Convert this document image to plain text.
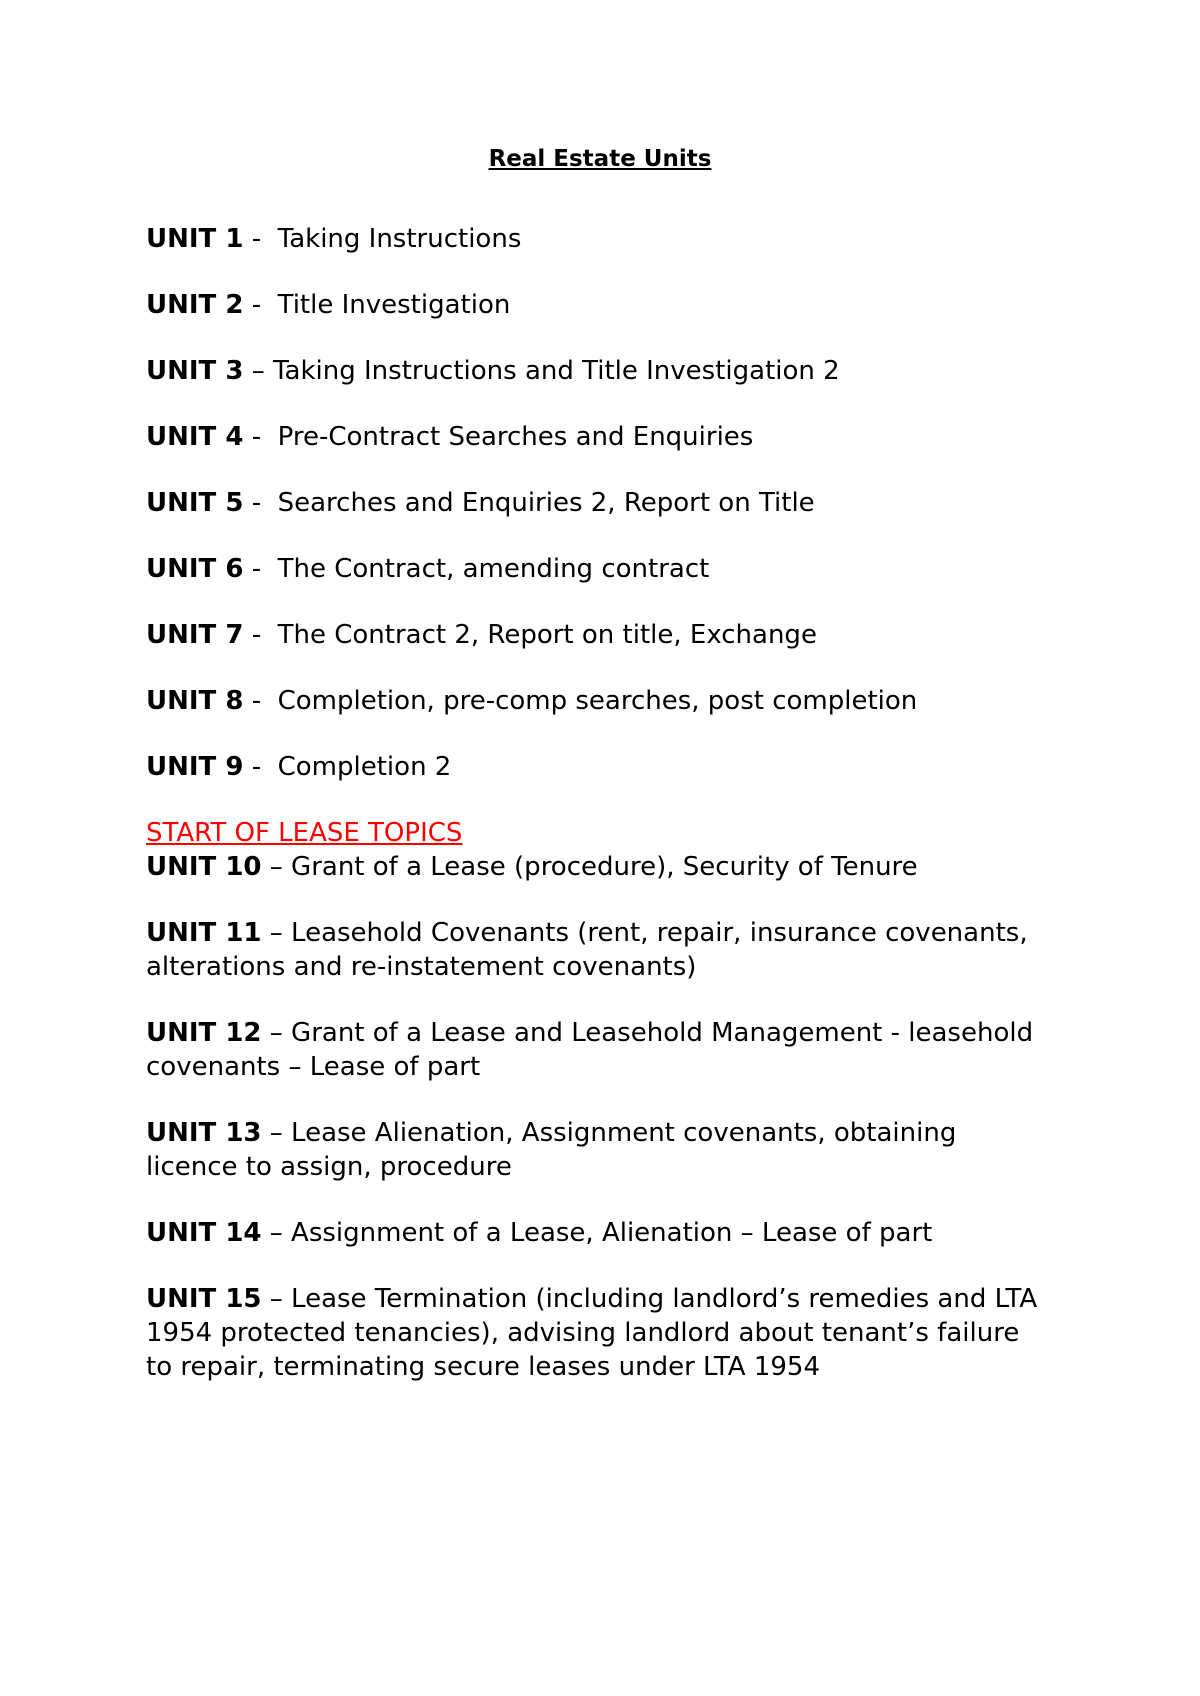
Real Estate Units
UNIT 1 -  Taking Instructions
UNIT 2 -  Title Investigation
UNIT 3 – Taking Instructions and Title Investigation 2
UNIT 4 -  Pre-Contract Searches and Enquiries
UNIT 5 -  Searches and Enquiries 2, Report on Title
UNIT 6 -  The Contract, amending contract
UNIT 7 -  The Contract 2, Report on title, Exchange
UNIT 8 -  Completion, pre-comp searches, post completion
UNIT 9 -  Completion 2
START OF LEASE TOPICS
UNIT 10 – Grant of a Lease (procedure), Security of Tenure
UNIT 11 – Leasehold Covenants (rent, repair, insurance covenants, alterations and re-instatement covenants)
UNIT 12 – Grant of a Lease and Leasehold Management - leasehold covenants – Lease of part
UNIT 13 – Lease Alienation, Assignment covenants, obtaining licence to assign, procedure
UNIT 14 – Assignment of a Lease, Alienation – Lease of part
UNIT 15 – Lease Termination (including landlord’s remedies and LTA 1954 protected tenancies), advising landlord about tenant’s failure to repair, terminating secure leases under LTA 1954
